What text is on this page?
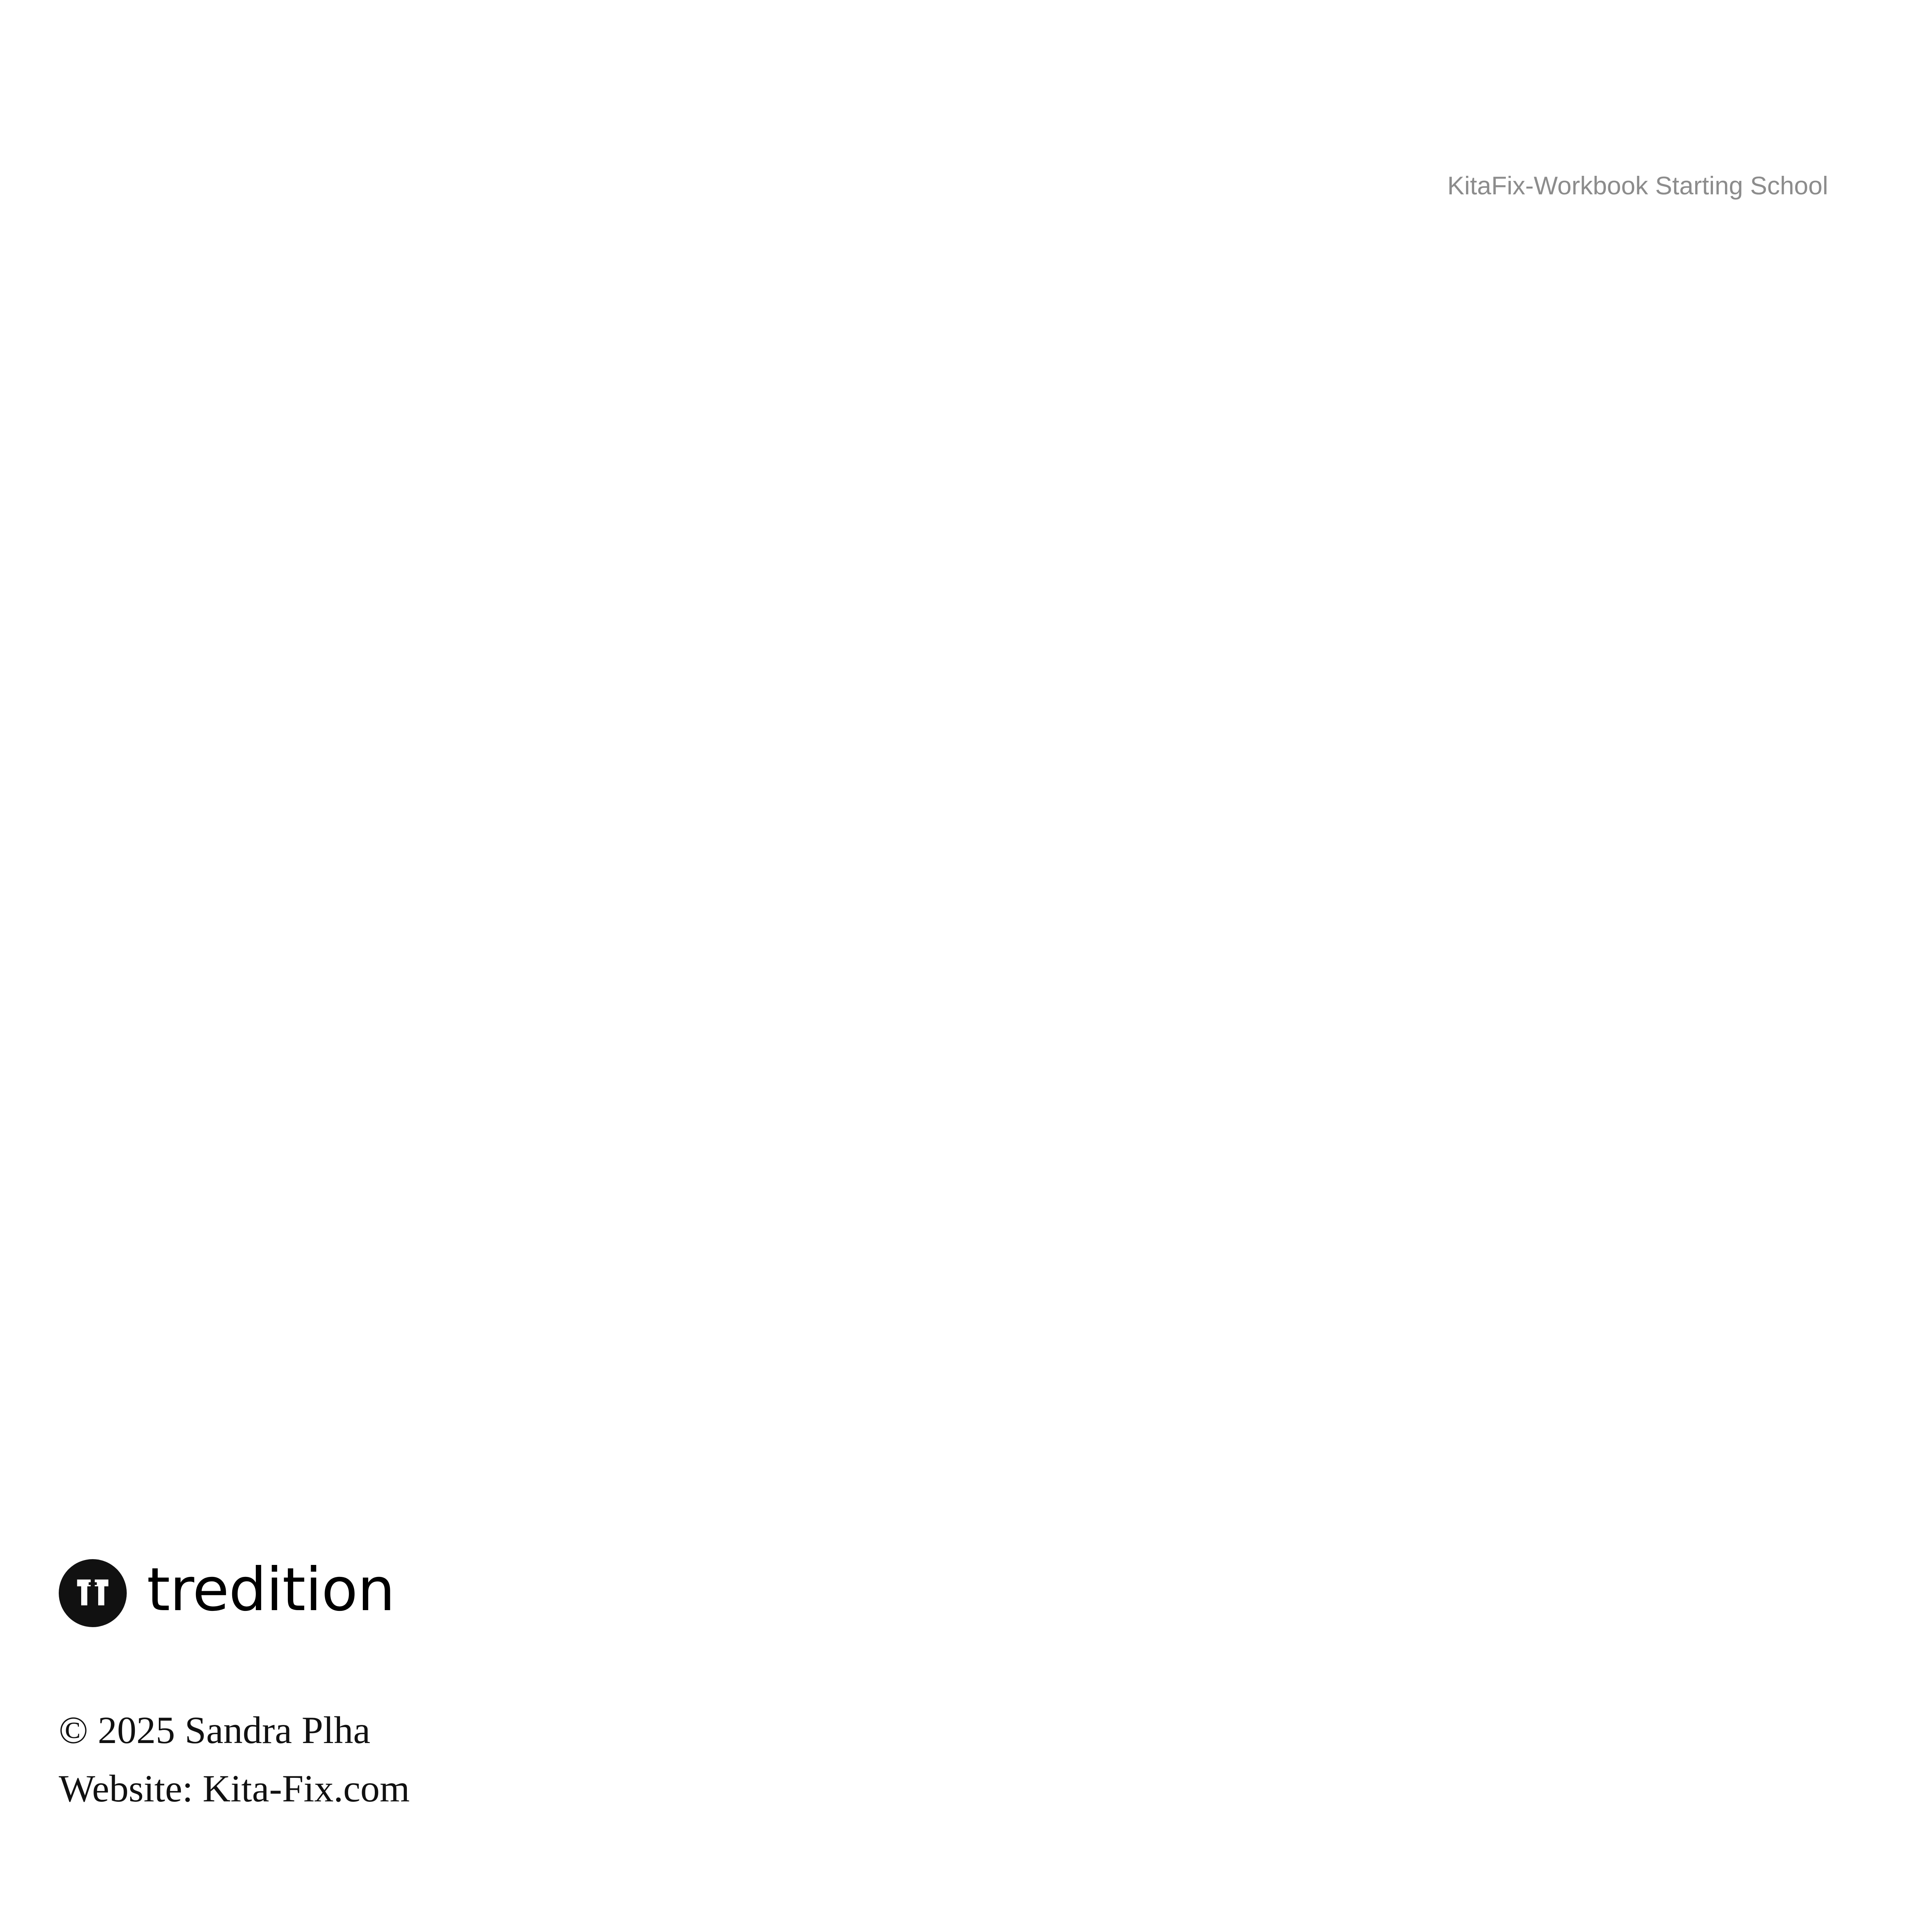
KitaFix-Workbook Starting School
tredition
© 2025 Sandra Plha
Website: Kita-Fix.com
